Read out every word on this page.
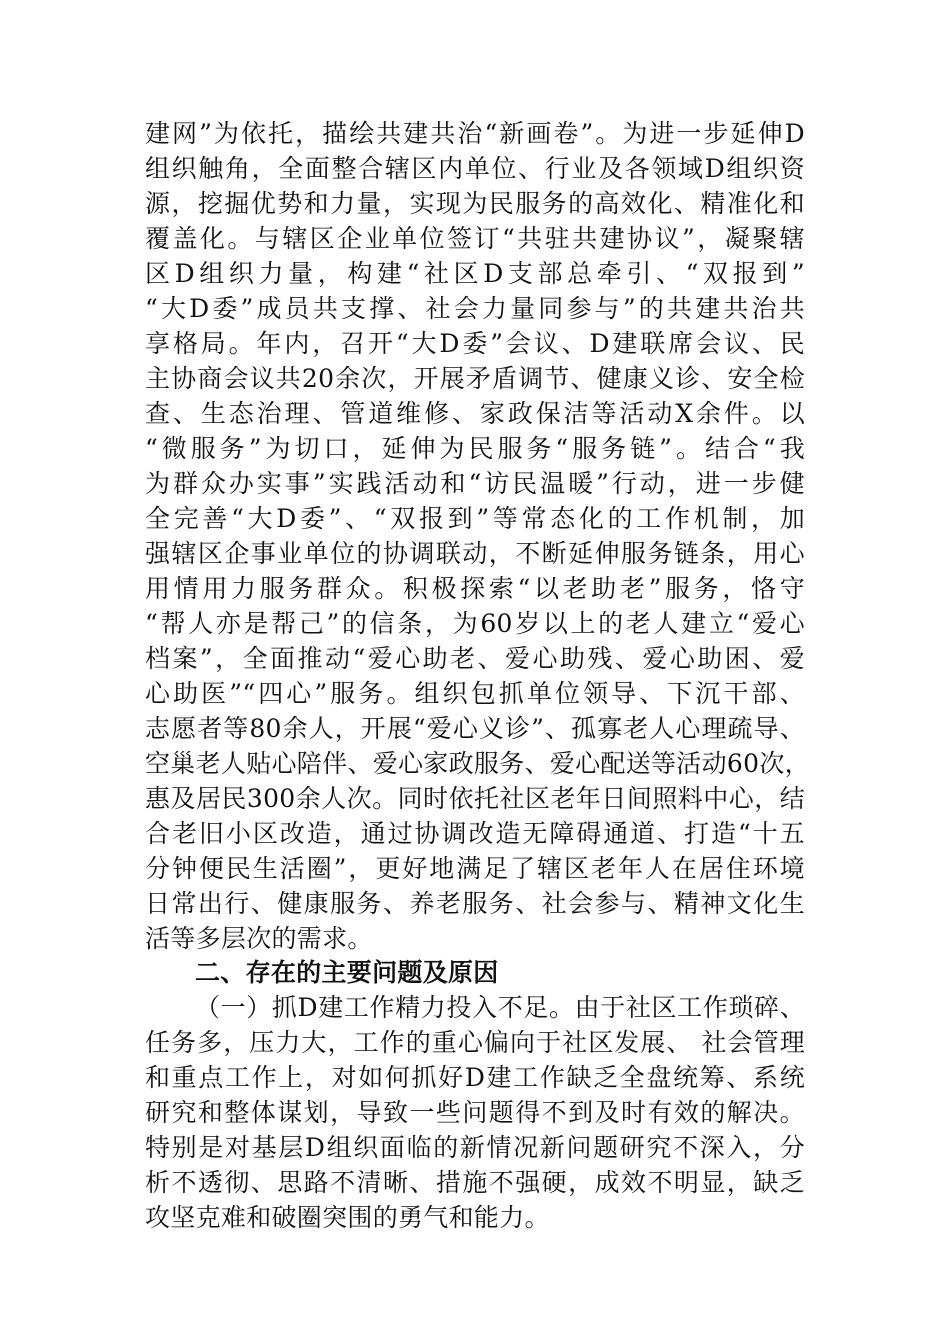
建网”为依托，描绘共建共治“新画卷”。为进一步延伸D
组织触角，全面整合辖区内单位、行业及各领域D组织资
源，挖掘优势和力量，实现为民服务的高效化、精准化和
覆盖化。与辖区企业单位签订“共驻共建协议”，凝聚辖
区D组织力量，构建“社区D支部总牵引、“双报到”
“大D委”成员共支撑、社会力量同参与”的共建共治共
享格局。年内，召开“大D委”会议、D建联席会议、民
主协商会议共20余次，开展矛盾调节、健康义诊、安全检
查、生态治理、管道维修、家政保洁等活动X余件。以
“微服务”为切口，延伸为民服务“服务链”。结合“我
为群众办实事”实践活动和“访民温暖”行动，进一步健
全完善“大D委”、“双报到”等常态化的工作机制，加
强辖区企事业单位的协调联动，不断延伸服务链条，用心
用情用力服务群众。积极探索“以老助老”服务，恪守
“帮人亦是帮己”的信条，为60岁以上的老人建立“爱心
档案”，全面推动“爱心助老、爱心助残、爱心助困、爱
心助医”“四心”服务。组织包抓单位领导、下沉干部、
志愿者等80余人，开展“爱心义诊”、孤寡老人心理疏导、
空巢老人贴心陪伴、爱心家政服务、爱心配送等活动60次，
惠及居民300余人次。同时依托社区老年日间照料中心，结
合老旧小区改造，通过协调改造无障碍通道、打造“十五
分钟便民生活圈”，更好地满足了辖区老年人在居住环境
日常出行、健康服务、养老服务、社会参与、精神文化生
活等多层次的需求。
二、存在的主要问题及原因
（一）抓D建工作精力投入不足。由于社区工作琐碎、
任务多，压力大，工作的重心偏向于社区发展、 社会管理
和重点工作上，对如何抓好D建工作缺乏全盘统筹、系统
研究和整体谋划，导致一些问题得不到及时有效的解决。
特别是对基层D组织面临的新情况新问题研究不深入，分
析不透彻、思路不清晰、措施不强硬，成效不明显，缺乏
攻坚克难和破圈突围的勇气和能力。
